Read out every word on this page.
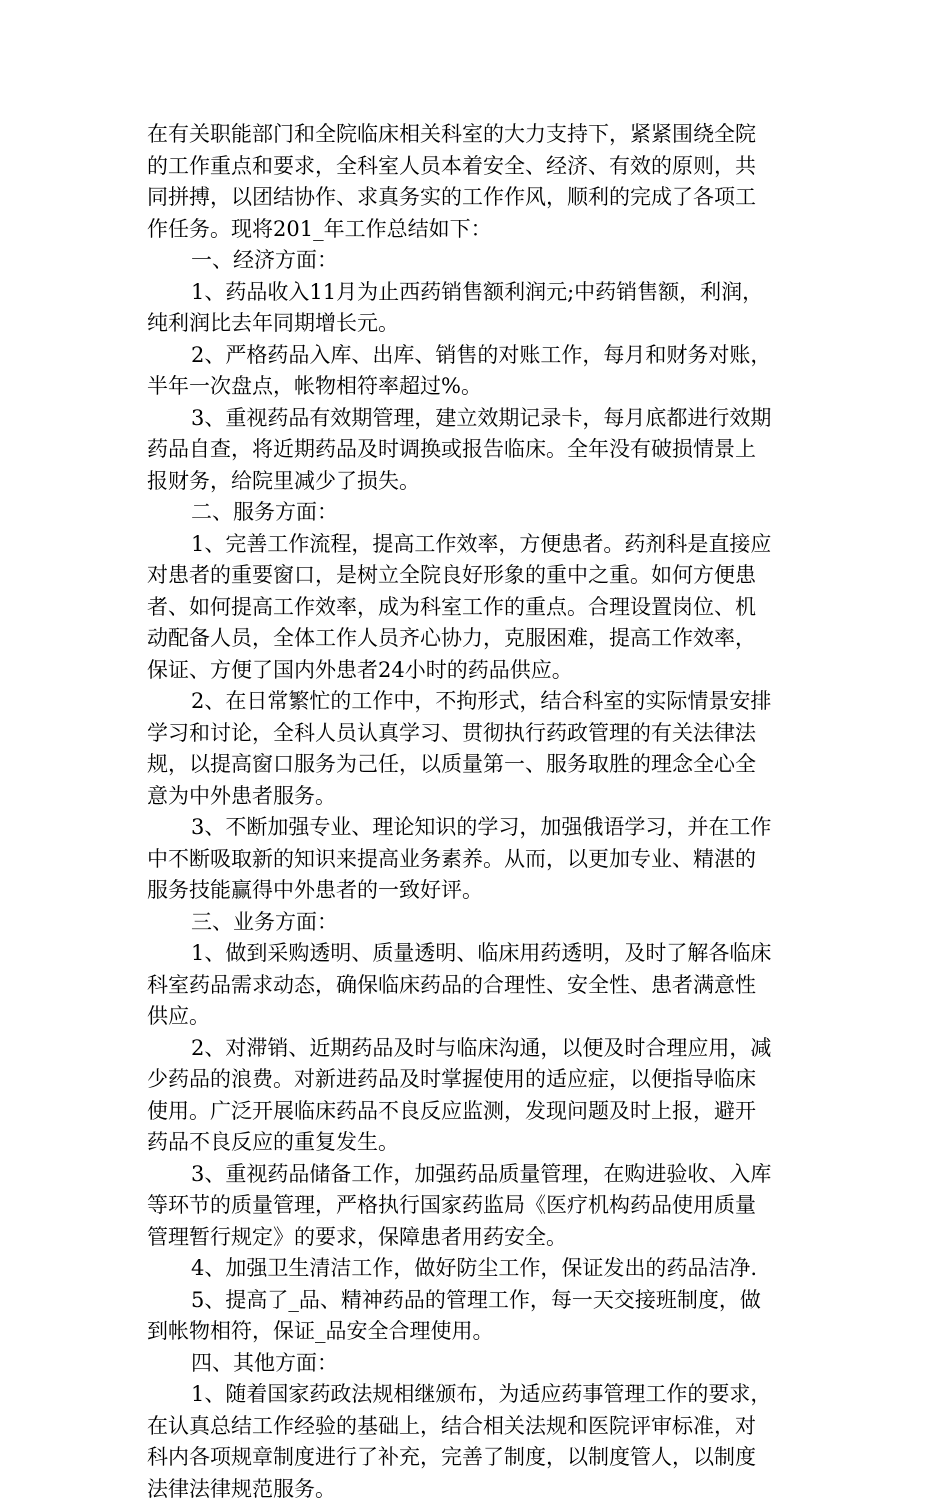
在有关职能部门和全院临床相关科室的大力支持下，紧紧围绕全院
的工作重点和要求，全科室人员本着安全、经济、有效的原则，共
同拼搏，以团结协作、求真务实的工作作风，顺利的完成了各项工
作任务。现将201_年工作总结如下：
一、经济方面：
1、药品收入11月为止西药销售额利润元;中药销售额，利润，
纯利润比去年同期增长元。
2、严格药品入库、出库、销售的对账工作，每月和财务对账，
半年一次盘点，帐物相符率超过%。
3、重视药品有效期管理，建立效期记录卡，每月底都进行效期
药品自查，将近期药品及时调换或报告临床。全年没有破损情景上
报财务，给院里减少了损失。
二、服务方面：
1、完善工作流程，提高工作效率，方便患者。药剂科是直接应
对患者的重要窗口，是树立全院良好形象的重中之重。如何方便患
者、如何提高工作效率，成为科室工作的重点。合理设置岗位、机
动配备人员，全体工作人员齐心协力，克服困难，提高工作效率，
保证、方便了国内外患者24小时的药品供应。
2、在日常繁忙的工作中，不拘形式，结合科室的实际情景安排
学习和讨论，全科人员认真学习、贯彻执行药政管理的有关法律法
规，以提高窗口服务为己任，以质量第一、服务取胜的理念全心全
意为中外患者服务。
3、不断加强专业、理论知识的学习，加强俄语学习，并在工作
中不断吸取新的知识来提高业务素养。从而，以更加专业、精湛的
服务技能赢得中外患者的一致好评。
三、业务方面：
1、做到采购透明、质量透明、临床用药透明，及时了解各临床
科室药品需求动态，确保临床药品的合理性、安全性、患者满意性
供应。
2、对滞销、近期药品及时与临床沟通，以便及时合理应用，减
少药品的浪费。对新进药品及时掌握使用的适应症，以便指导临床
使用。广泛开展临床药品不良反应监测，发现问题及时上报，避开
药品不良反应的重复发生。
3、重视药品储备工作，加强药品质量管理，在购进验收、入库
等环节的质量管理，严格执行国家药监局《医疗机构药品使用质量
管理暂行规定》的要求，保障患者用药安全。
4、加强卫生清洁工作，做好防尘工作，保证发出的药品洁净.
5、提高了_品、精神药品的管理工作，每一天交接班制度，做
到帐物相符，保证_品安全合理使用。
四、其他方面：
1、随着国家药政法规相继颁布，为适应药事管理工作的要求，
在认真总结工作经验的基础上，结合相关法规和医院评审标准，对
科内各项规章制度进行了补充，完善了制度，以制度管人，以制度
法律法律规范服务。
